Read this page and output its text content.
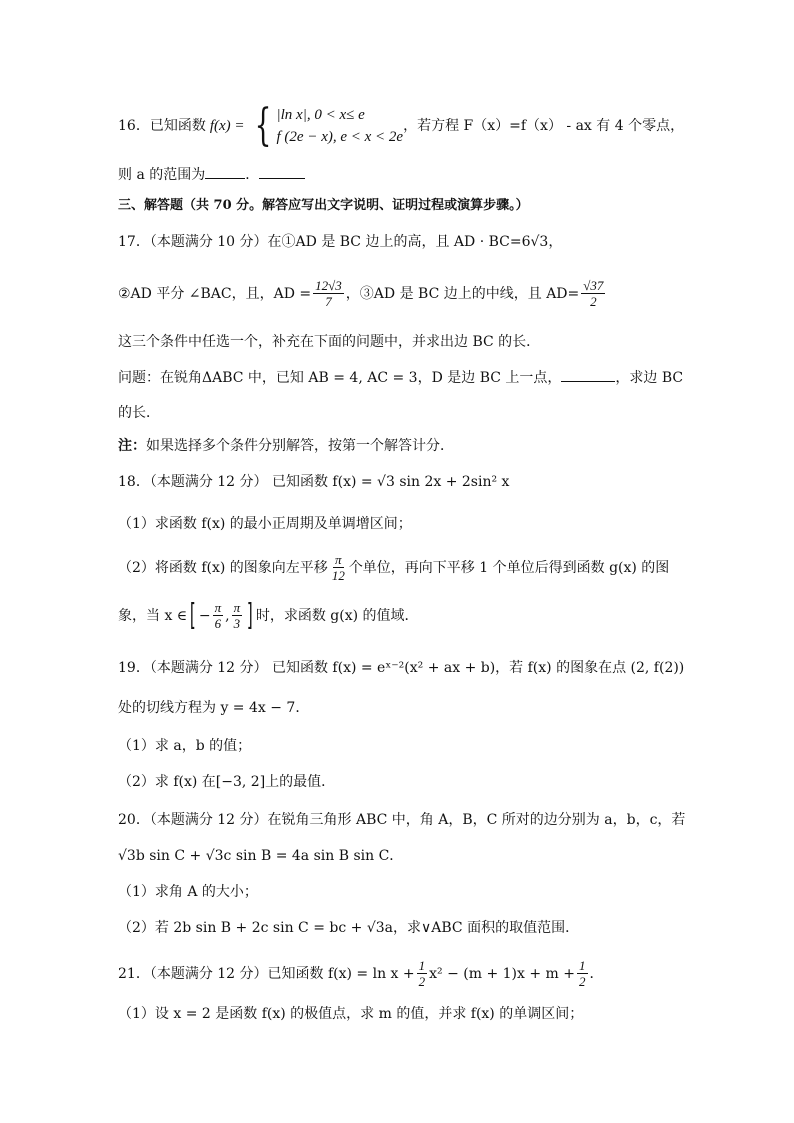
16．已知函数 f(x) = { |ln x|, 0 < x≤ e
f (2e − x), e < x < 2e
，若方程 F（x）=f（x） - ax 有 4 个零点，
则 a 的范围为	．
三、解答题（共 70 分。解答应写出文字说明、证明过程或演算步骤。）
17．（本题满分 10 分）在①AD 是 BC 边上的高，且 AD · BC=6√3，
②AD 平分 ∠BAC，且，AD = $\frac{12√3}{7}$ ，③AD 是 BC 边上的中线，且 $AD= \frac{√37}{2}$
这三个条件中任选一个，补充在下面的问题中，并求出边 BC 的长．
问题：在锐角ΔABC 中，已知 AB = 4, AC = 3，D 是边 BC 上一点，	，求边 BC
的长．
注：如果选择多个条件分别解答，按第一个解答计分．
18．（本题满分 12 分） 已知函数 f(x) = √3 sin 2x + 2sin² x
（1）求函数 f(x) 的最小正周期及单调增区间；
（2）将函数 f(x) 的图象向左平移 $\frac{\pi}{12}$ 个单位，再向下平移 1 个单位后得到函数 g(x) 的图
象，当 x ∈ [ − $\frac{\pi}{6}$ , $\frac{\pi}{3}$ ] 时，求函数 g(x) 的值域．
19．（本题满分 12 分） 已知函数 f(x) = eˣ⁻²(x² + ax + b)，若 f(x) 的图象在点 (2, f(2))
处的切线方程为 y = 4x − 7．
（1）求 a，b 的值；
（2）求 f(x) 在[−3, 2]上的最值．
20．（本题满分 12 分）在锐角三角形 ABC 中，角 A，B，C 所对的边分别为 a，b，c，若
√3b sin C + √3c sin B = 4a sin B sin C．
（1）求角 A 的大小；
（2）若 2b sin B + 2c sin C = bc + √3a，求∨ABC 面积的取值范围．
21．（本题满分 12 分）已知函数 $f(x) = \ln x + \frac{1}{2} x^2 - (m + 1)x + m + \frac{1}{2}$ ．
（1）设 x = 2 是函数 f(x) 的极值点，求 m 的值，并求 f(x) 的单调区间；
